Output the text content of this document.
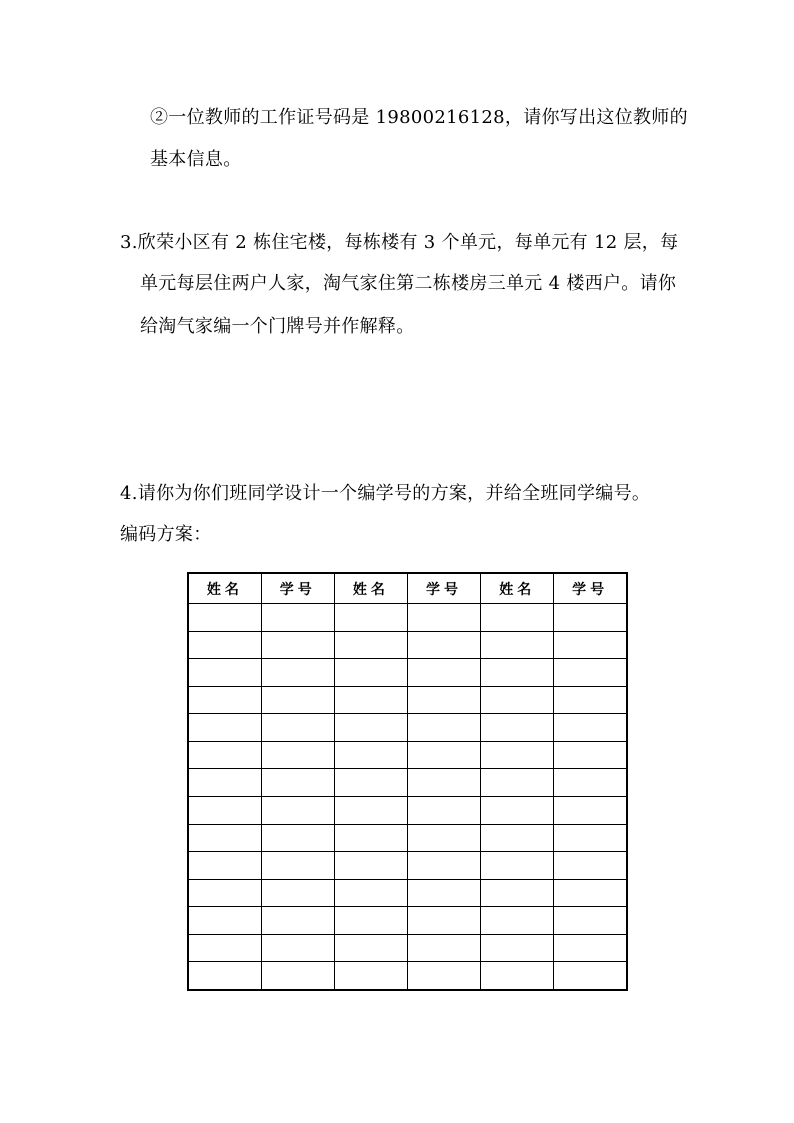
②一位教师的工作证号码是 19800216128，请你写出这位教师的
基本信息。
3.欣荣小区有 2 栋住宅楼，每栋楼有 3 个单元，每单元有 12 层，每
单元每层住两户人家，淘气家住第二栋楼房三单元 4 楼西户。请你
给淘气家编一个门牌号并作解释。
4.请你为你们班同学设计一个编学号的方案，并给全班同学编号。
编码方案：
姓名	学号	姓名	学号	姓名	学号
